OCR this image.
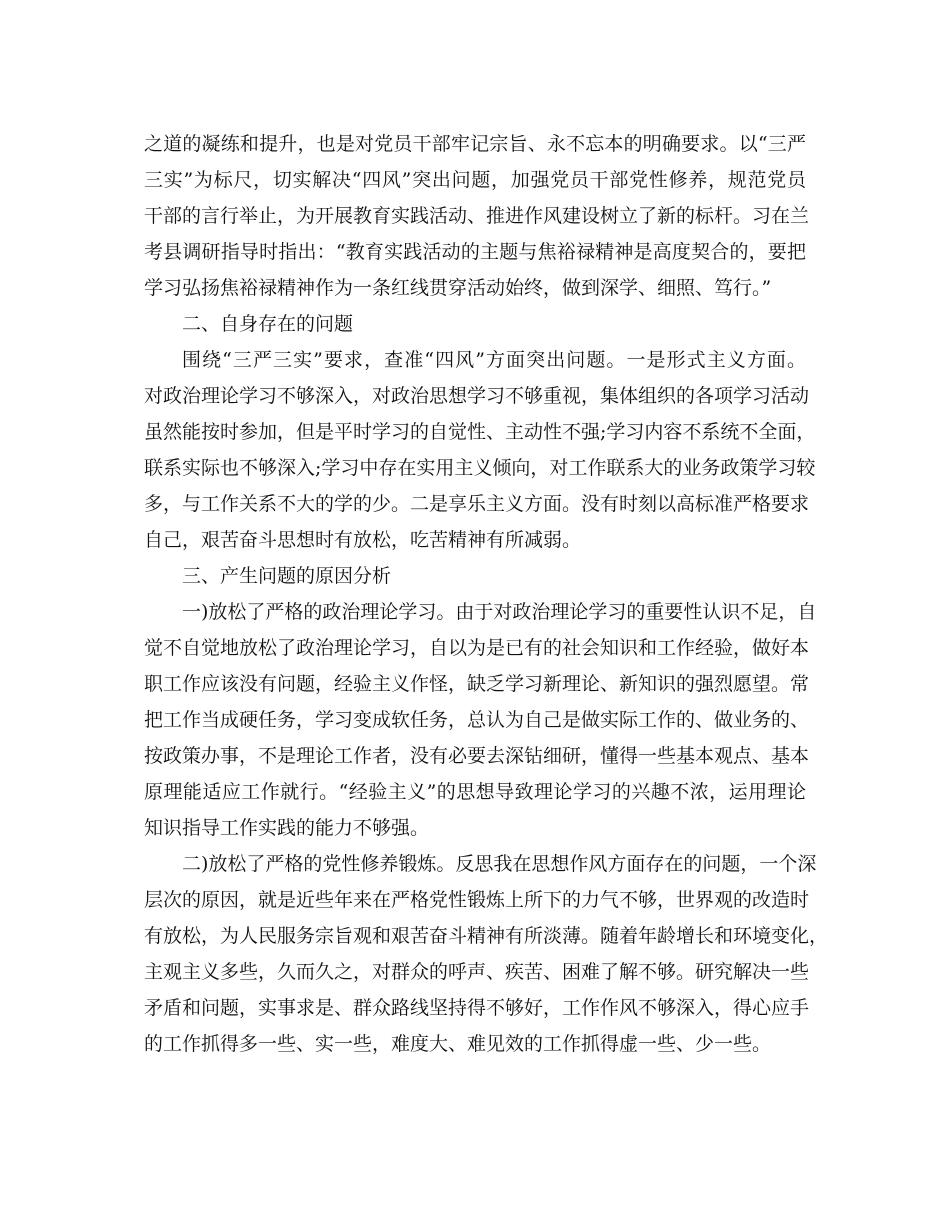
之道的凝练和提升，也是对党员干部牢记宗旨、永不忘本的明确要求。以“三严
三实”为标尺，切实解决“四风”突出问题，加强党员干部党性修养，规范党员
干部的言行举止，为开展教育实践活动、推进作风建设树立了新的标杆。习在兰
考县调研指导时指出：“教育实践活动的主题与焦裕禄精神是高度契合的，要把
学习弘扬焦裕禄精神作为一条红线贯穿活动始终，做到深学、细照、笃行。”
二、自身存在的问题
围绕“三严三实”要求，查准“四风”方面突出问题。一是形式主义方面。
对政治理论学习不够深入，对政治思想学习不够重视，集体组织的各项学习活动
虽然能按时参加，但是平时学习的自觉性、主动性不强;学习内容不系统不全面，
联系实际也不够深入;学习中存在实用主义倾向，对工作联系大的业务政策学习较
多，与工作关系不大的学的少。二是享乐主义方面。没有时刻以高标准严格要求
自己，艰苦奋斗思想时有放松，吃苦精神有所减弱。
三、产生问题的原因分析
一)放松了严格的政治理论学习。由于对政治理论学习的重要性认识不足，自
觉不自觉地放松了政治理论学习，自以为是已有的社会知识和工作经验，做好本
职工作应该没有问题，经验主义作怪，缺乏学习新理论、新知识的强烈愿望。常
把工作当成硬任务，学习变成软任务，总认为自己是做实际工作的、做业务的、
按政策办事，不是理论工作者，没有必要去深钻细研，懂得一些基本观点、基本
原理能适应工作就行。“经验主义”的思想导致理论学习的兴趣不浓，运用理论
知识指导工作实践的能力不够强。
二)放松了严格的党性修养锻炼。反思我在思想作风方面存在的问题，一个深
层次的原因，就是近些年来在严格党性锻炼上所下的力气不够，世界观的改造时
有放松，为人民服务宗旨观和艰苦奋斗精神有所淡薄。随着年龄增长和环境变化，
主观主义多些，久而久之，对群众的呼声、疾苦、困难了解不够。研究解决一些
矛盾和问题，实事求是、群众路线坚持得不够好，工作作风不够深入，得心应手
的工作抓得多一些、实一些，难度大、难见效的工作抓得虚一些、少一些。
